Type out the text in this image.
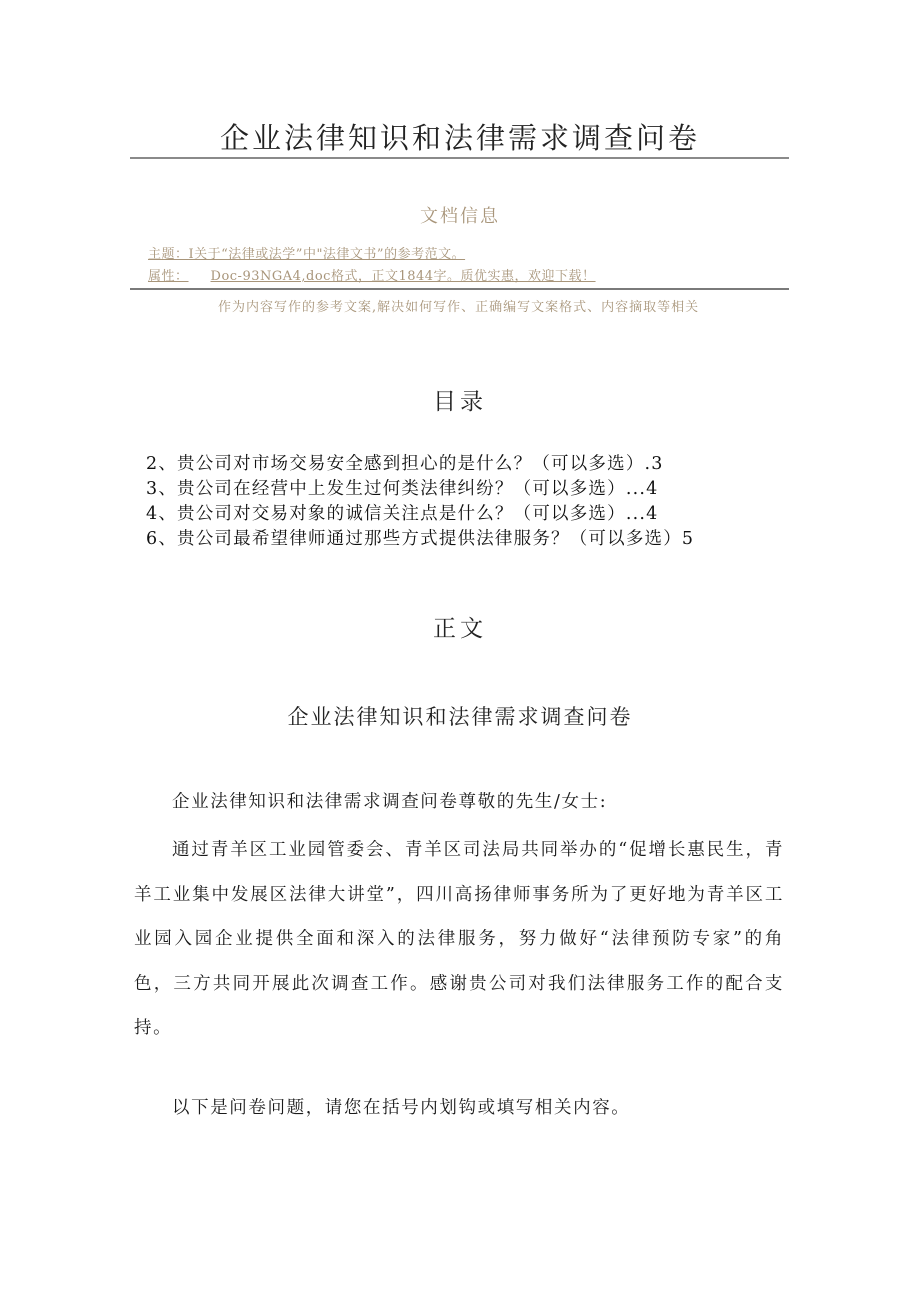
企业法律知识和法律需求调查问卷
文档信息
主题：I关于“法律或法学”中"法律文书”的参考范文。
属性： Doc-93NGA4,doc格式，正文1844字。质优实惠，欢迎下载！
作为内容写作的参考文案,解决如何写作、正确编写文案格式、内容摘取等相关
目录
2、贵公司对市场交易安全感到担心的是什么？（可以多选）.3
3、贵公司在经营中上发生过何类法律纠纷？（可以多选）...4
4、贵公司对交易对象的诚信关注点是什么？（可以多选）...4
6、贵公司最希望律师通过那些方式提供法律服务？（可以多选）5
正文
企业法律知识和法律需求调查问卷

企业法律知识和法律需求调查问卷尊敬的先生/女士:

通过青羊区工业园管委会、青羊区司法局共同举办的“促增长惠民生，青羊工业集中发展区法律大讲堂”，四川高扬律师事务所为了更好地为青羊区工业园入园企业提供全面和深入的法律服务，努力做好“法律预防专家”的角色，三方共同开展此次调查工作。感谢贵公司对我们法律服务工作的配合支持。

以下是问卷问题，请您在括号内划钩或填写相关内容。
